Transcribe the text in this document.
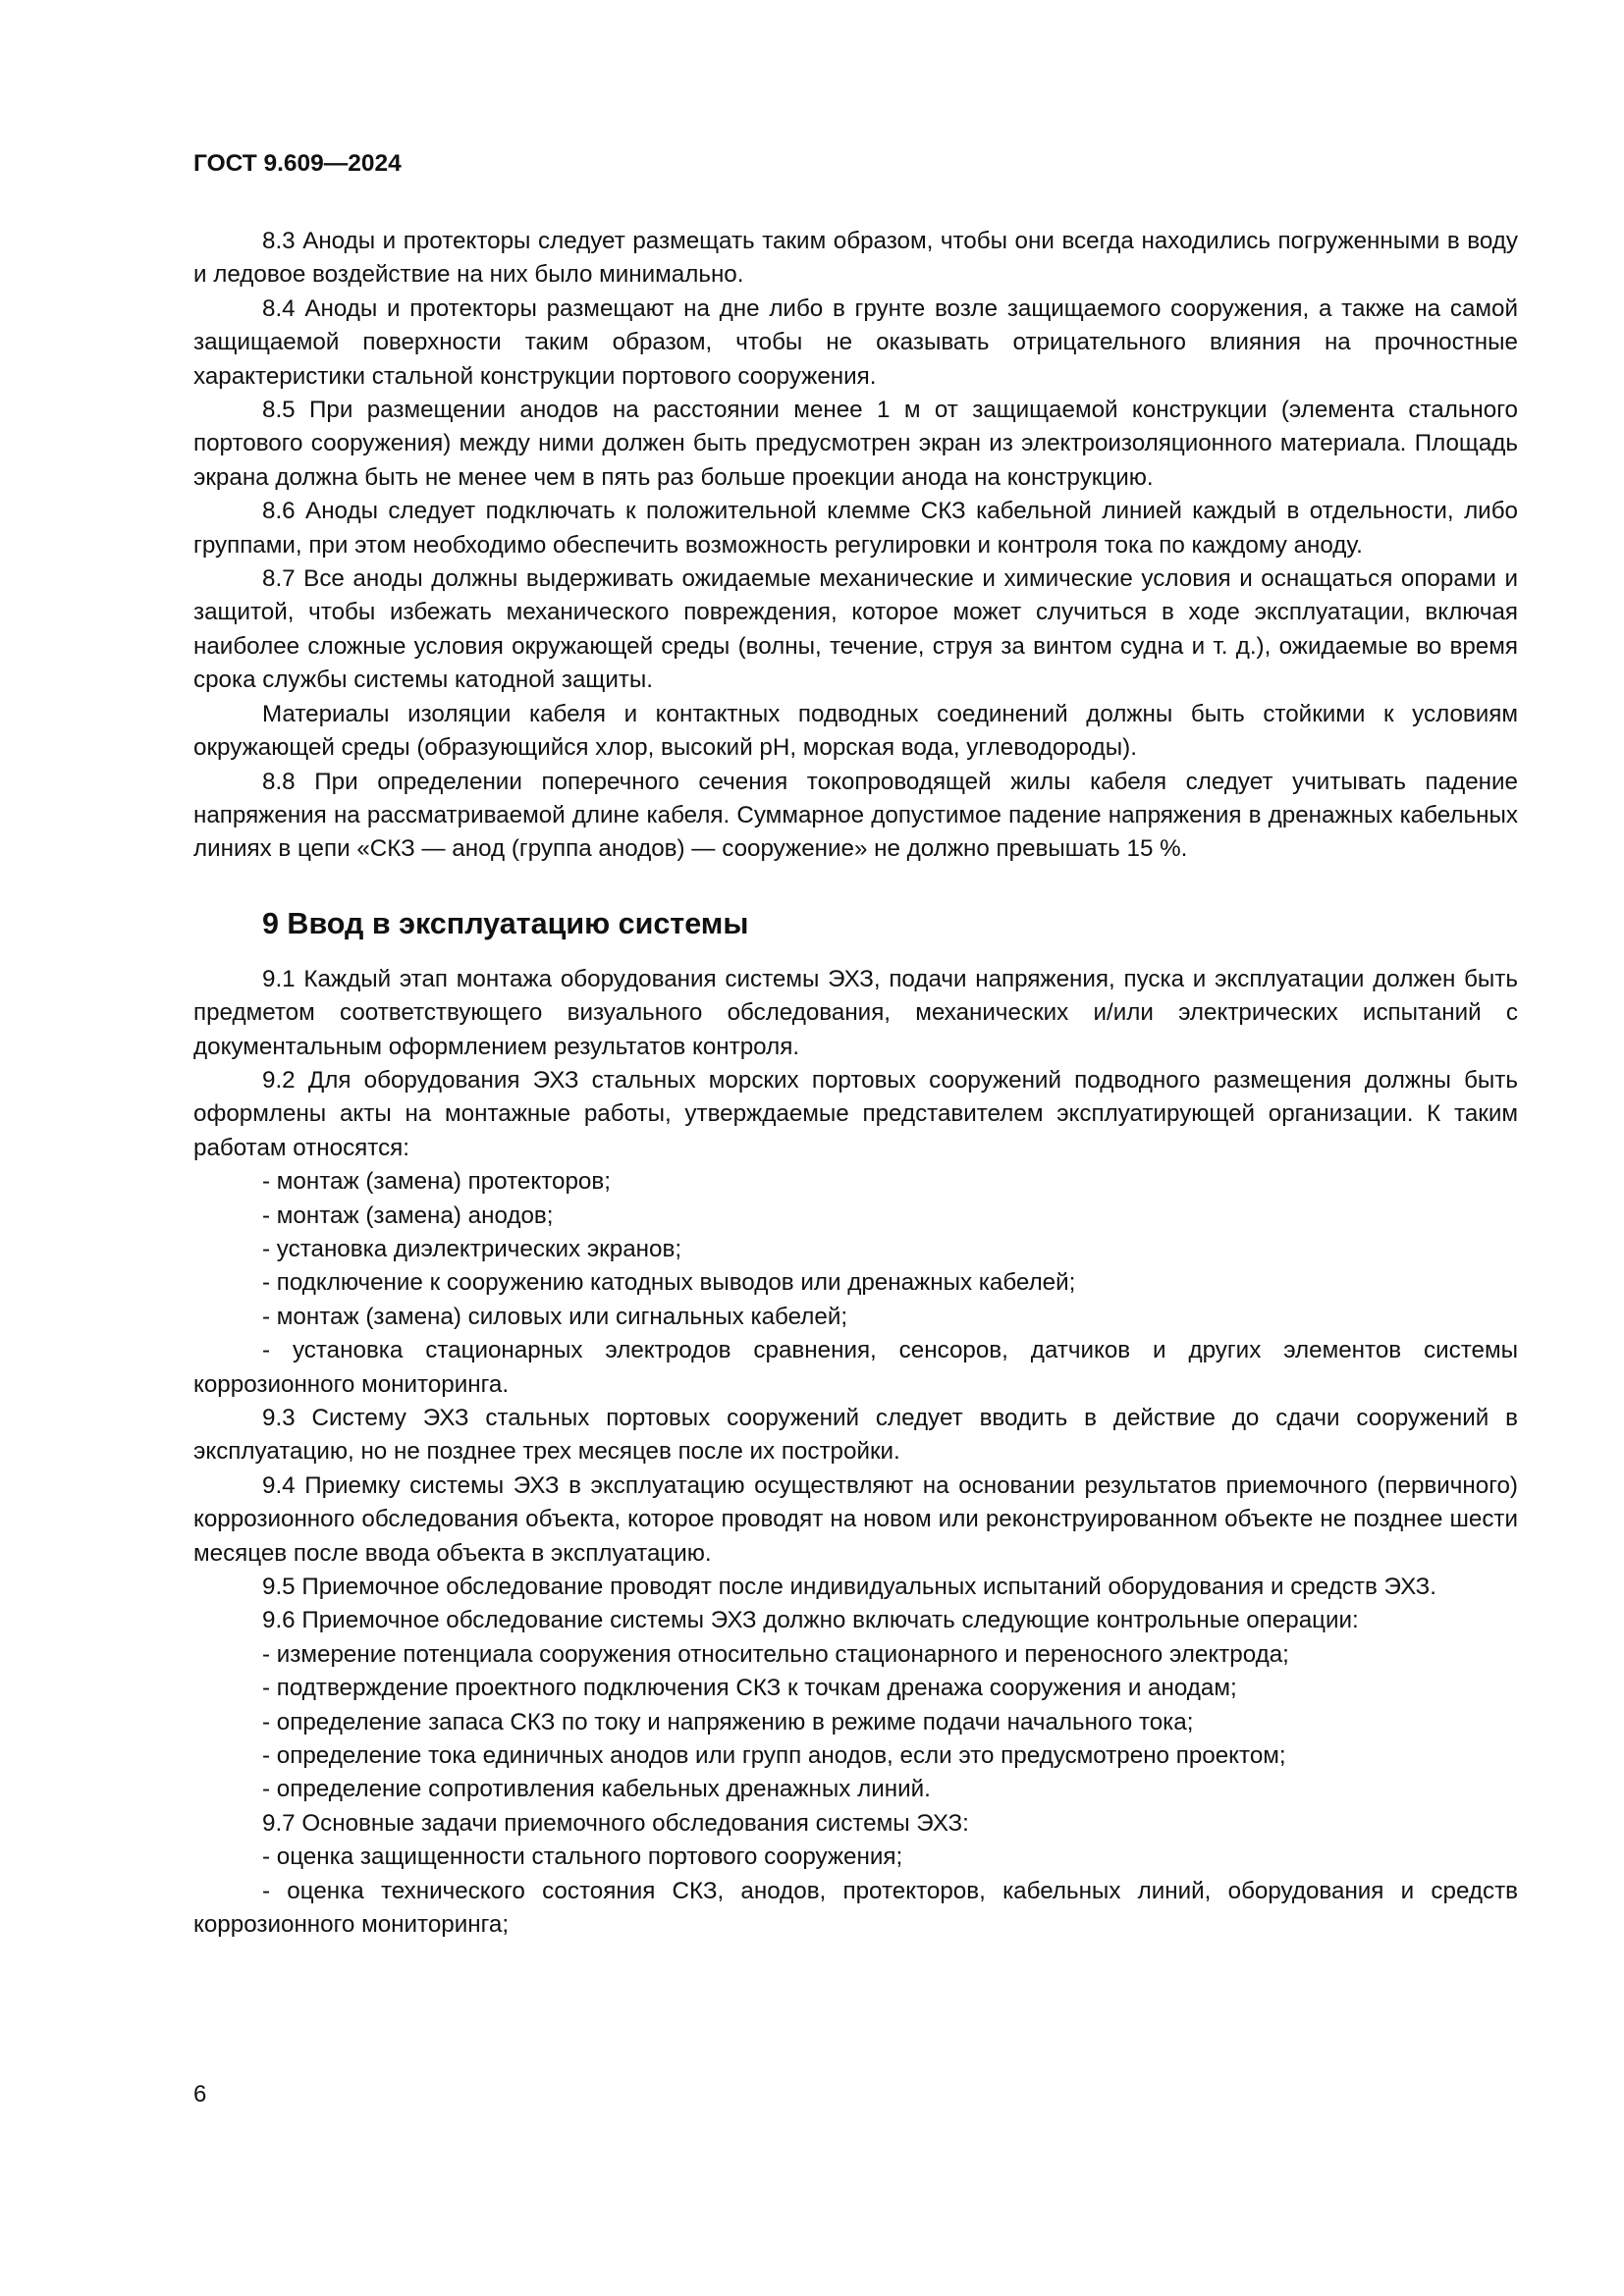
ГОСТ 9.609—2024

8.3 Аноды и протекторы следует размещать таким образом, чтобы они всегда находились погруженными в воду и ледовое воздействие на них было минимально.

8.4 Аноды и протекторы размещают на дне либо в грунте возле защищаемого сооружения, а также на самой защищаемой поверхности таким образом, чтобы не оказывать отрицательного влияния на прочностные характеристики стальной конструкции портового сооружения.

8.5 При размещении анодов на расстоянии менее 1 м от защищаемой конструкции (элемента стального портового сооружения) между ними должен быть предусмотрен экран из электроизоляционного материала. Площадь экрана должна быть не менее чем в пять раз больше проекции анода на конструкцию.

8.6 Аноды следует подключать к положительной клемме СКЗ кабельной линией каждый в отдельности, либо группами, при этом необходимо обеспечить возможность регулировки и контроля тока по каждому аноду.

8.7 Все аноды должны выдерживать ожидаемые механические и химические условия и оснащаться опорами и защитой, чтобы избежать механического повреждения, которое может случиться в ходе эксплуатации, включая наиболее сложные условия окружающей среды (волны, течение, струя за винтом судна и т. д.), ожидаемые во время срока службы системы катодной защиты.

Материалы изоляции кабеля и контактных подводных соединений должны быть стойкими к условиям окружающей среды (образующийся хлор, высокий pH, морская вода, углеводороды).

8.8 При определении поперечного сечения токопроводящей жилы кабеля следует учитывать падение напряжения на рассматриваемой длине кабеля. Суммарное допустимое падение напряжения в дренажных кабельных линиях в цепи «СКЗ — анод (группа анодов) — сооружение» не должно превышать 15 %.

9 Ввод в эксплуатацию системы

9.1 Каждый этап монтажа оборудования системы ЭХЗ, подачи напряжения, пуска и эксплуатации должен быть предметом соответствующего визуального обследования, механических и/или электрических испытаний с документальным оформлением результатов контроля.

9.2 Для оборудования ЭХЗ стальных морских портовых сооружений подводного размещения должны быть оформлены акты на монтажные работы, утверждаемые представителем эксплуатирующей организации. К таким работам относятся:

- монтаж (замена) протекторов;

- монтаж (замена) анодов;

- установка диэлектрических экранов;

- подключение к сооружению катодных выводов или дренажных кабелей;

- монтаж (замена) силовых или сигнальных кабелей;

- установка стационарных электродов сравнения, сенсоров, датчиков и других элементов системы коррозионного мониторинга.

9.3 Систему ЭХЗ стальных портовых сооружений следует вводить в действие до сдачи сооружений в эксплуатацию, но не позднее трех месяцев после их постройки.

9.4 Приемку системы ЭХЗ в эксплуатацию осуществляют на основании результатов приемочного (первичного) коррозионного обследования объекта, которое проводят на новом или реконструированном объекте не позднее шести месяцев после ввода объекта в эксплуатацию.

9.5 Приемочное обследование проводят после индивидуальных испытаний оборудования и средств ЭХЗ.

9.6 Приемочное обследование системы ЭХЗ должно включать следующие контрольные операции:

- измерение потенциала сооружения относительно стационарного и переносного электрода;

- подтверждение проектного подключения СКЗ к точкам дренажа сооружения и анодам;

- определение запаса СКЗ по току и напряжению в режиме подачи начального тока;

- определение тока единичных анодов или групп анодов, если это предусмотрено проектом;

- определение сопротивления кабельных дренажных линий.

9.7 Основные задачи приемочного обследования системы ЭХЗ:

- оценка защищенности стального портового сооружения;

- оценка технического состояния СКЗ, анодов, протекторов, кабельных линий, оборудования и средств коррозионного мониторинга;

6
